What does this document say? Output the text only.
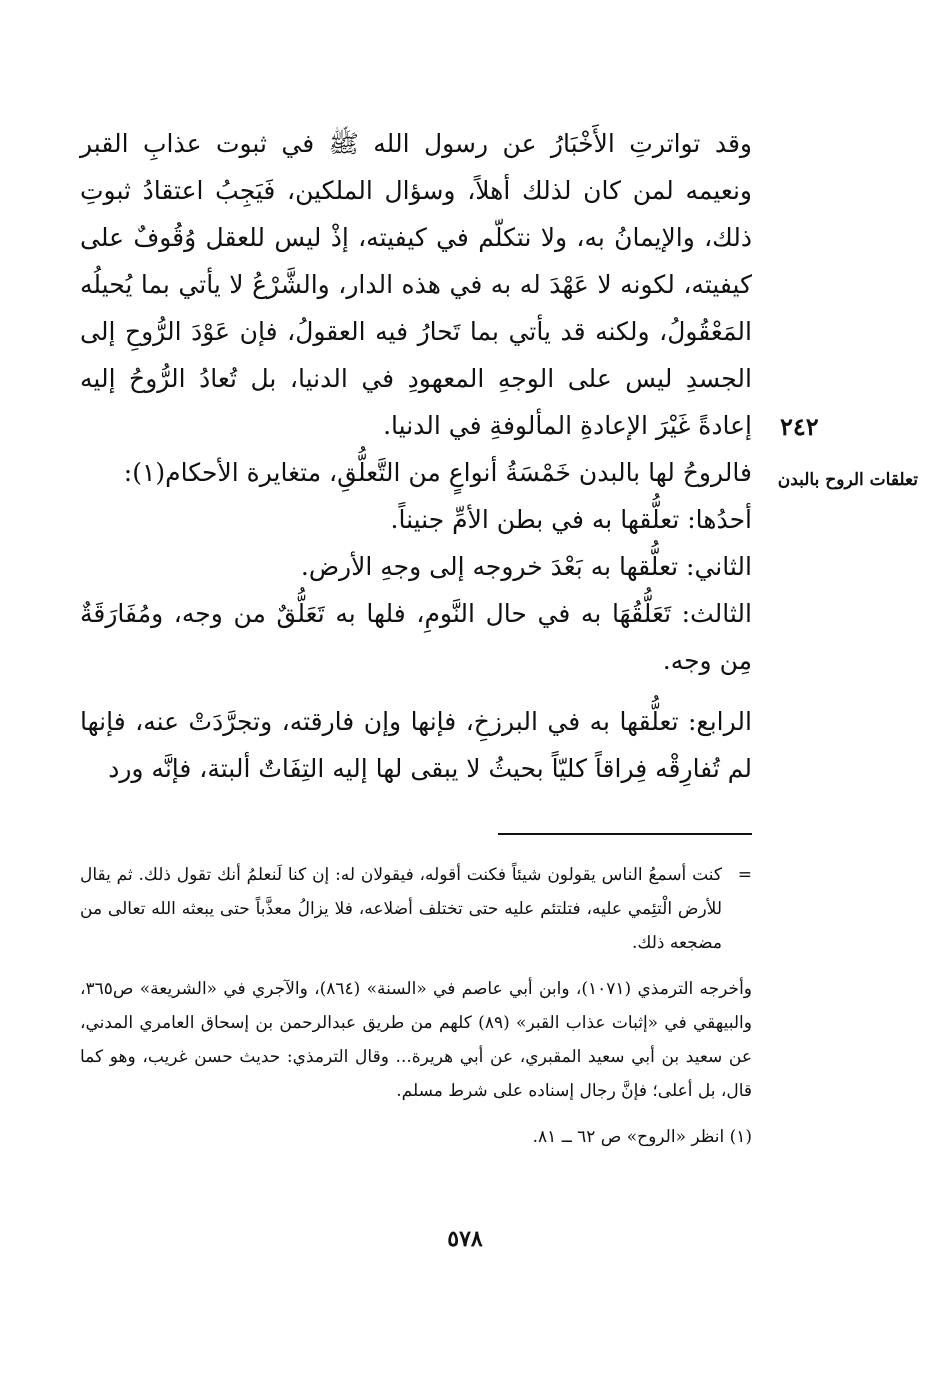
وقد تواترتِ الأَخْبَارُ عن رسول الله ﷺ في ثبوت عذابِ القبر ونعيمه لمن كان لذلك أهلاً، وسؤال الملكين، فَيَجِبُ اعتقادُ ثبوتِ ذلك، والإيمانُ به، ولا نتكلّم في كيفيته، إذْ ليس للعقل وُقُوفٌ على كيفيته، لكونه لا عَهْدَ له به في هذه الدار، والشَّرْعُ لا يأتي بما يُحيلُه المَعْقُولُ، ولكنه قد يأتي بما تَحارُ فيه العقولُ، فإن عَوْدَ الرُّوحِ إلى الجسدِ ليس على الوجهِ المعهودِ في الدنيا، بل تُعادُ الرُّوحُ إليه إعادةً غَيْرَ الإعادةِ المألوفةِ في الدنيا.

فالروحُ لها بالبدن خَمْسَةُ أنواعٍ من التَّعلُّقِ، متغايرة الأحكام(١):

أحدُها: تعلُّقها به في بطن الأمِّ جنيناً.

الثاني: تعلُّقها به بَعْدَ خروجه إلى وجهِ الأرض.

الثالث: تَعَلُّقُهَا به في حال النَّومِ، فلها به تَعَلُّقٌ من وجه، ومُفَارَقَةٌ مِن وجه.

الرابع: تعلُّقها به في البرزخِ، فإنها وإن فارقته، وتجرَّدَتْ عنه، فإنها لم تُفارِقْه فِراقاً كليّاً بحيثُ لا يبقى لها إليه التِفَاتٌ ألبتة، فإنَّه ورد

٢٤٢
تعلقات الروح بالبدن

=
كنت أسمعُ الناس يقولون شيئاً فكنت أقوله، فيقولان له: إن كنا لَنعلمُ أنك تقول ذلك. ثم يقال للأرض الْتئِمي عليه، فتلتئم عليه حتى تختلف أضلاعه، فلا يزالُ معذَّباً حتى يبعثه الله تعالى من مضجعه ذلك.

وأخرجه الترمذي (١٠٧١)، وابن أبي عاصم في «السنة» (٨٦٤)، والآجري في «الشريعة» ص٣٦٥، والبيهقي في «إثبات عذاب القبر» (٨٩) كلهم من طريق عبدالرحمن بن إسحاق العامري المدني، عن سعيد بن أبي سعيد المقبري، عن أبي هريرة... وقال الترمذي: حديث حسن غريب، وهو كما قال، بل أعلى؛ فإنَّ رجال إسناده على شرط مسلم.

(١) انظر «الروح» ص ٦٢ ــ ٨١.

٥٧٨
